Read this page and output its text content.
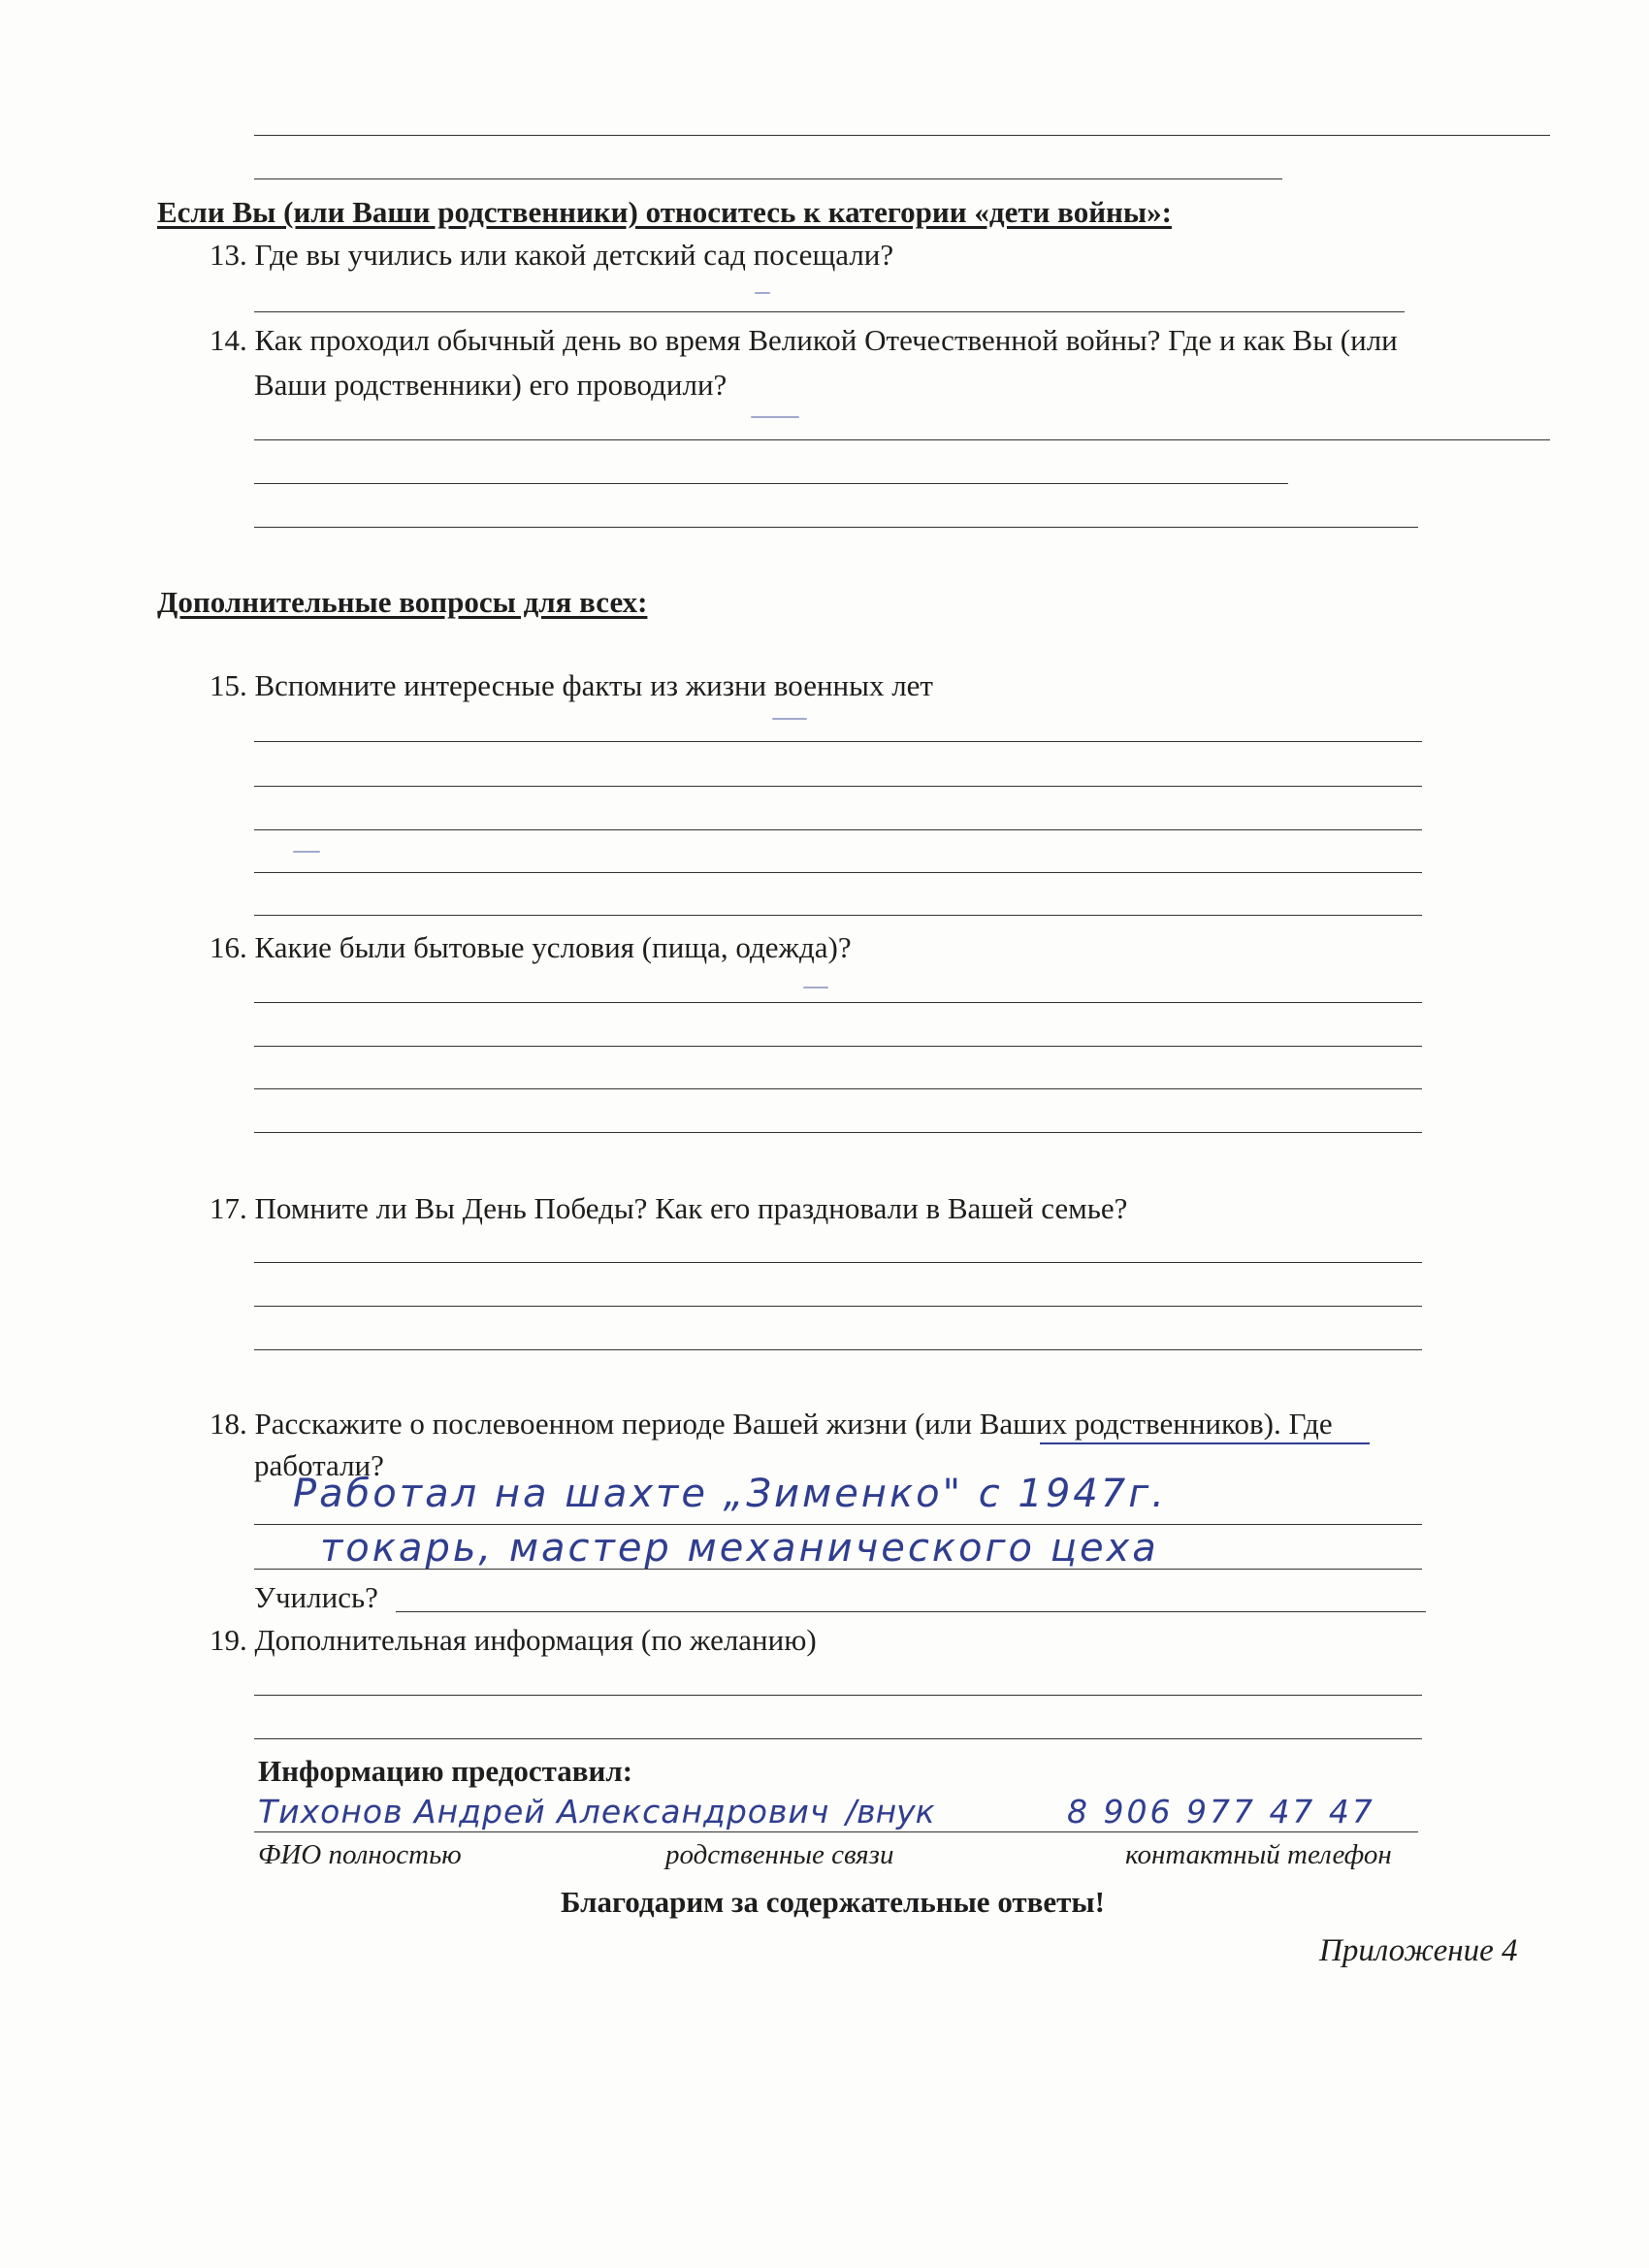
Если Вы (или Ваши родственники) относитесь к категории «дети войны»:
13. Где вы учились или какой детский сад посещали?
14. Как проходил обычный день во время Великой Отечественной войны? Где и как Вы (или
Ваши родственники) его проводили?
Дополнительные вопросы для всех:
15. Вспомните интересные факты из жизни военных лет
16. Какие были бытовые условия (пища, одежда)?
17. Помните ли Вы День Победы? Как его праздновали в Вашей семье?
18. Расскажите о послевоенном периоде Вашей жизни (или Ваших родственников). Где
работали?
Работал на шахте „Зименко" с 1947г.
токарь, мастер механического цеха
Учились?
19. Дополнительная информация (по желанию)
Информацию предоставил:
Тихонов Андрей Александрович /внук	8 906 977 47 47
ФИО полностью	родственные связи	контактный телефон
Благодарим за содержательные ответы!
Приложение 4
